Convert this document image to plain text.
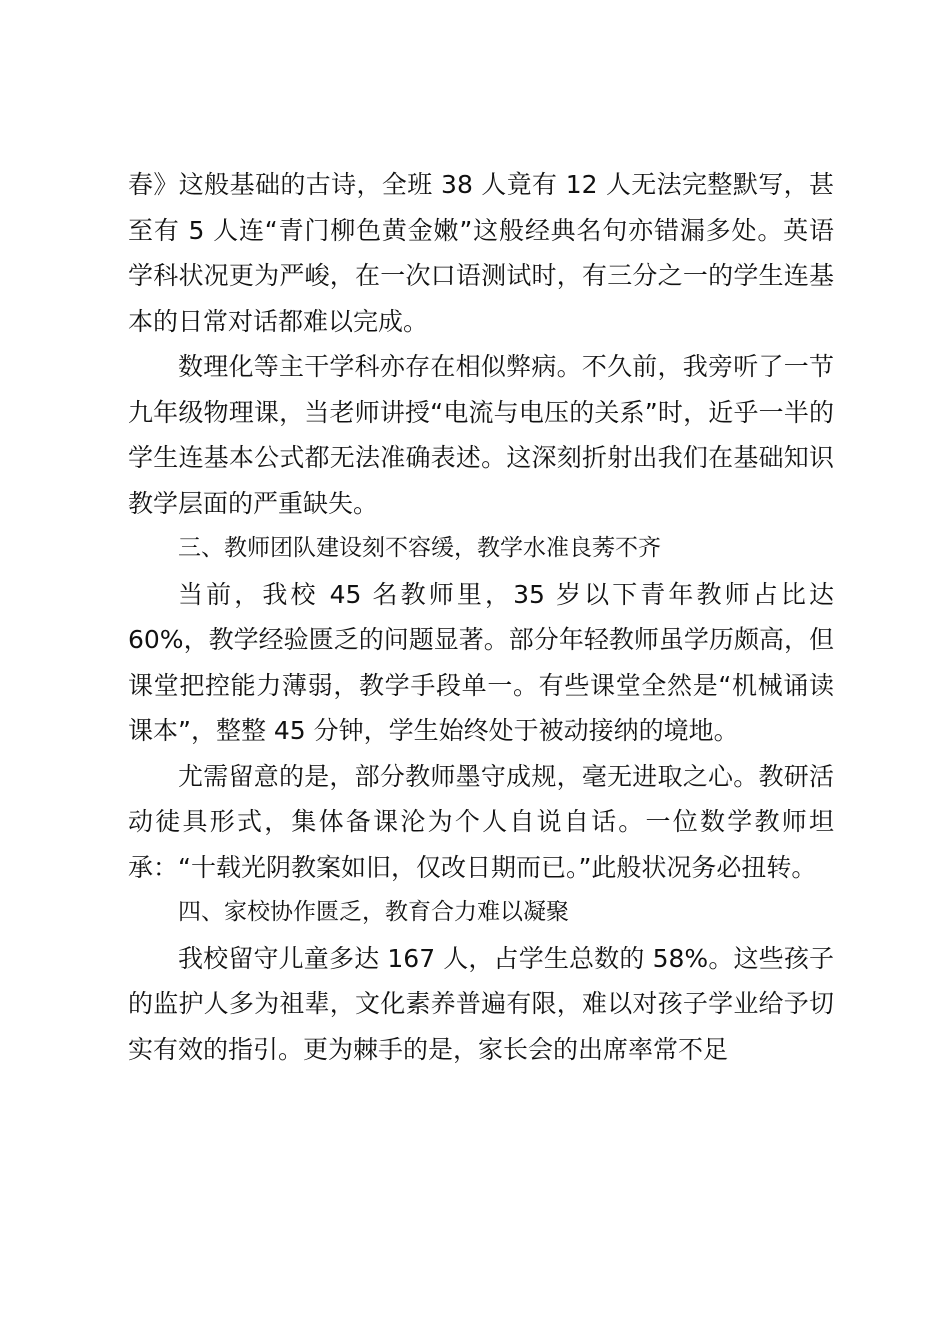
春》这般基础的古诗，全班 38 人竟有 12 人无法完整默写，甚至有 5 人连“青门柳色黄金嫩”这般经典名句亦错漏多处。英语学科状况更为严峻，在一次口语测试时，有三分之一的学生连基本的日常对话都难以完成。

数理化等主干学科亦存在相似弊病。不久前，我旁听了一节九年级物理课，当老师讲授“电流与电压的关系”时，近乎一半的学生连基本公式都无法准确表述。这深刻折射出我们在基础知识教学层面的严重缺失。

三、教师团队建设刻不容缓，教学水准良莠不齐

当前，我校 45 名教师里，35 岁以下青年教师占比达 60%，教学经验匮乏的问题显著。部分年轻教师虽学历颇高，但课堂把控能力薄弱，教学手段单一。有些课堂全然是“机械诵读课本”，整整 45 分钟，学生始终处于被动接纳的境地。

尤需留意的是，部分教师墨守成规，毫无进取之心。教研活动徒具形式，集体备课沦为个人自说自话。一位数学教师坦承：“十载光阴教案如旧，仅改日期而已。”此般状况务必扭转。

四、家校协作匮乏，教育合力难以凝聚

我校留守儿童多达 167 人，占学生总数的 58%。这些孩子的监护人多为祖辈，文化素养普遍有限，难以对孩子学业给予切实有效的指引。更为棘手的是，家长会的出席率常不足
